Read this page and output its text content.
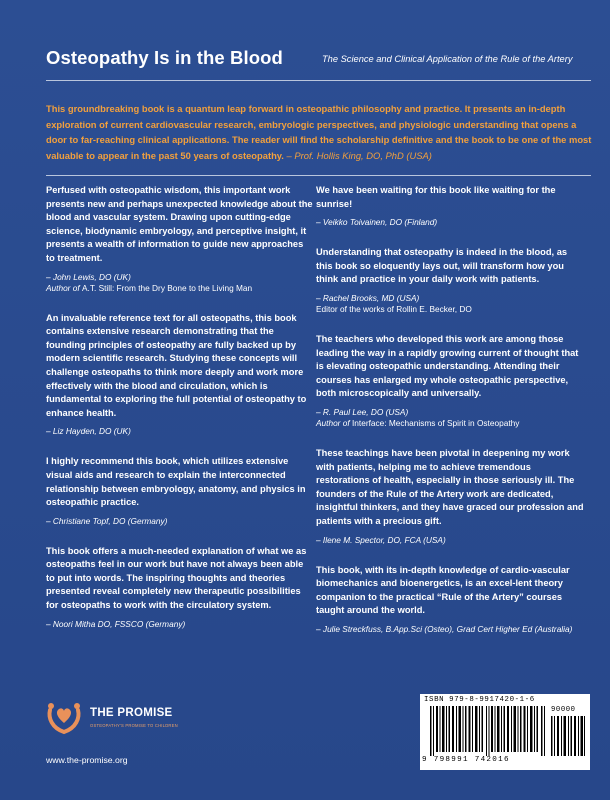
Osteopathy Is in the Blood	The Science and Clinical Application of the Rule of the Artery
This groundbreaking book is a quantum leap forward in osteopathic philosophy and practice. It presents an in-depth exploration of current cardiovascular research, embryologic perspectives, and physiologic understanding that opens a door to far-reaching clinical applications. The reader will find the scholarship definitive and the book to be one of the most valuable to appear in the past 50 years of osteopathy. – Prof. Hollis King, DO, PhD (USA)

Perfused with osteopathic wisdom, this important work presents new and perhaps unexpected knowledge about the blood and vascular system. Drawing upon cutting-edge science, biodynamic embryology, and perceptive insight, it presents a wealth of information to guide new approaches to treatment.

– John Lewis, DO (UK)
Author of A.T. Still: From the Dry Bone to the Living Man

An invaluable reference text for all osteopaths, this book contains extensive research demonstrating that the founding principles of osteopathy are fully backed up by modern scientific research. Studying these concepts will challenge osteopaths to think more deeply and work more effectively with the blood and circulation, which is fundamental to exploring the full potential of osteopathy to enhance health.

– Liz Hayden, DO (UK)

I highly recommend this book, which utilizes extensive visual aids and research to explain the interconnected relationship between embryology, anatomy, and physics in osteopathic practice.

– Christiane Topf, DO (Germany)

This book offers a much-needed explanation of what we as osteopaths feel in our work but have not always been able to put into words. The inspiring thoughts and theories presented reveal completely new therapeutic possibilities for osteopaths to work with the circulatory system.

– Noori Mitha DO, FSSCO (Germany)

We have been waiting for this book like waiting for the sunrise!

– Veikko Toivainen, DO (Finland)

Understanding that osteopathy is indeed in the blood, as this book so eloquently lays out, will transform how you think and practice in your daily work with patients.

– Rachel Brooks, MD (USA)
Editor of the works of Rollin E. Becker, DO

The teachers who developed this work are among those leading the way in a rapidly growing current of thought that is elevating osteopathic understanding. Attending their courses has enlarged my whole osteopathic perspective, both microscopically and universally.

– R. Paul Lee, DO (USA)
Author of Interface: Mechanisms of Spirit in Osteopathy

These teachings have been pivotal in deepening my work with patients, helping me to achieve tremendous restorations of health, especially in those seriously ill. The founders of the Rule of the Artery work are dedicated, insightful thinkers, and they have graced our profession and patients with a precious gift.

– Ilene M. Spector, DO, FCA (USA)

This book, with its in-depth knowledge of cardio-vascular biomechanics and bioenergetics, is an excel-lent theory companion to the practical “Rule of the Artery” courses taught around the world.

– Julie Streckfuss, B.App.Sci (Osteo), Grad Cert Higher Ed (Australia)
THE PROMISE
OSTEOPATHY'S PROMISE TO CHILDREN
www.the-promise.org
ISBN 979-8-9917420-1-6
90000
9 798991 742016
